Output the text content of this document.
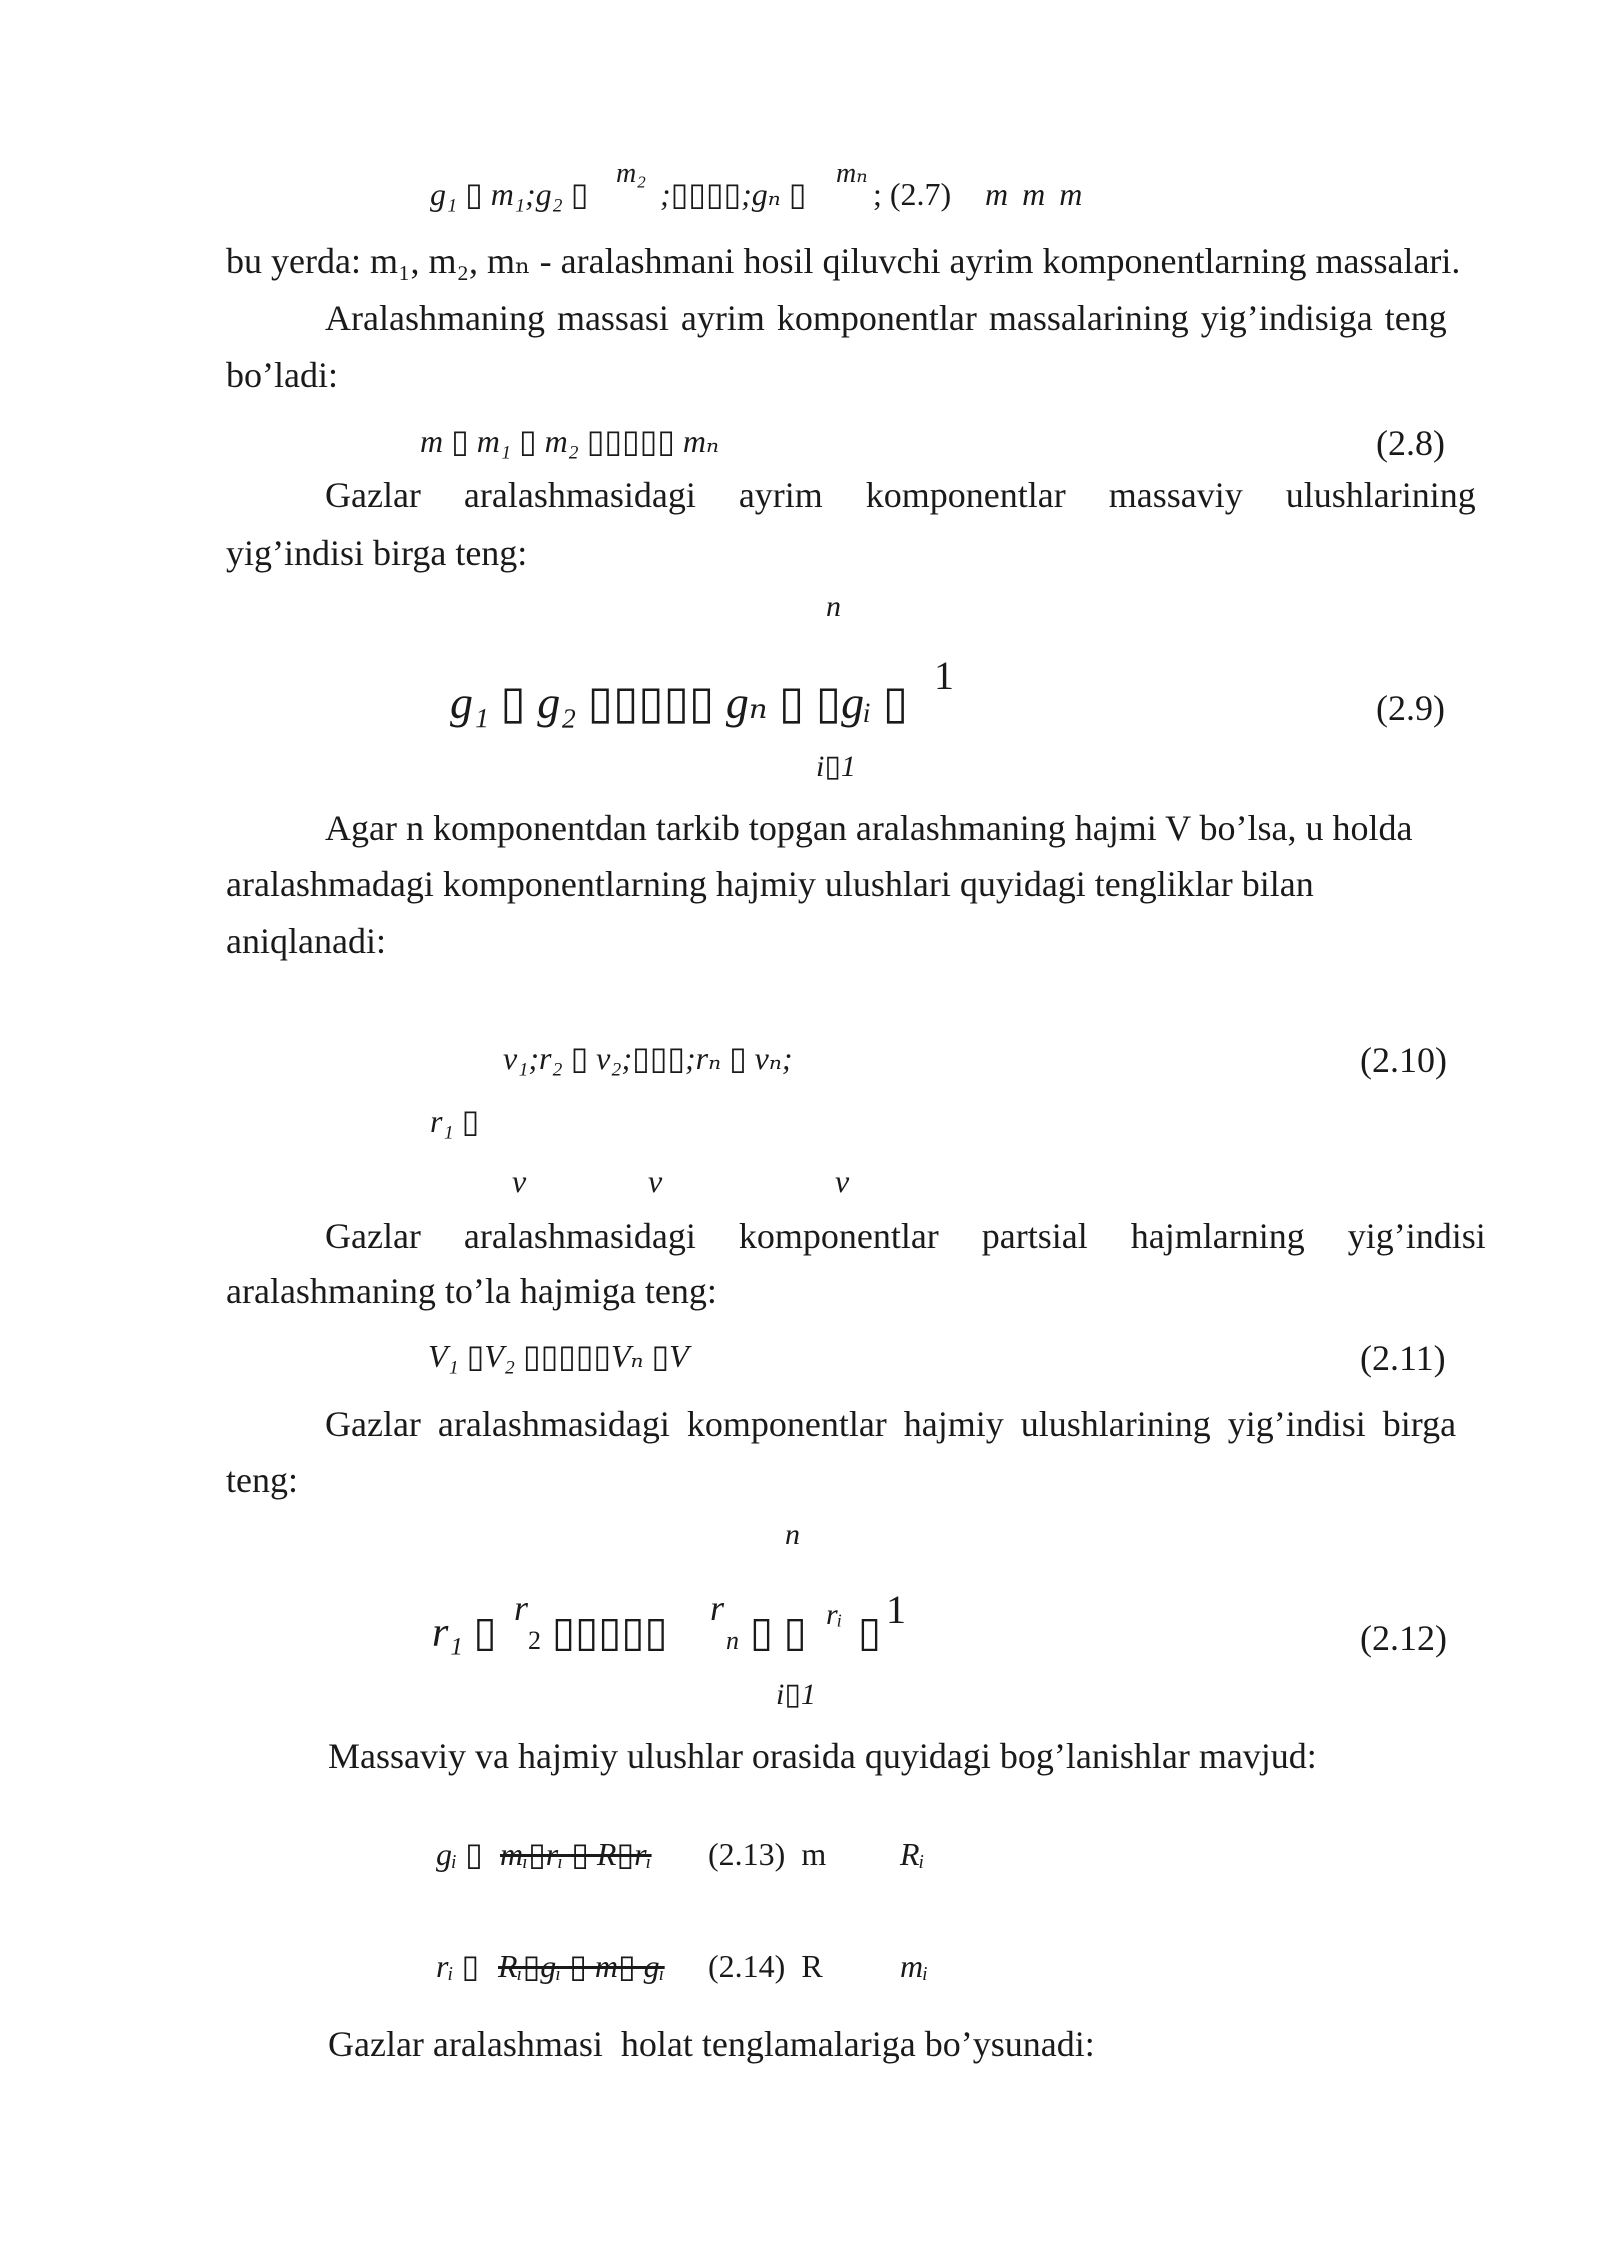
g₁ ▯ m₁;g₂ ▯
m₂
;▯▯▯▯;gₙ ▯
mₙ
; (2.7) m m m
bu yerda: m₁, m₂, mₙ - aralashmani hosil qiluvchi ayrim komponentlarning massalari.
Aralashmaning massasi ayrim komponentlar massalarining yig’indisiga teng
bo’ladi:
m ▯ m₁ ▯ m₂ ▯▯▯▯▯ mₙ	(2.8)
Gazlar aralashmasidagi ayrim komponentlar massaviy ulushlarining
yig’indisi birga teng:
n
g₁ ▯ g₂ ▯▯▯▯▯ gₙ ▯ ▯gᵢ ▯
1
i▯1
(2.9)
Agar n komponentdan tarkib topgan aralashmaning hajmi V bo’lsa, u holda
aralashmadagi komponentlarning hajmiy ulushlari quyidagi tengliklar bilan
aniqlanadi:
v₁;r₂ ▯ v₂;▯▯▯;rₙ ▯ vₙ;
r₁ ▯
v	v	v
(2.10)
Gazlar aralashmasidagi komponentlar partsial hajmlarning yig’indisi
aralashmaning to’la hajmiga teng:
V₁ ▯V₂ ▯▯▯▯▯Vₙ ▯V	(2.11)
Gazlar aralashmasidagi komponentlar hajmiy ulushlarining yig’indisi birga
teng:
n
r₁ ▯
r
2 ▯▯▯▯▯
r
n ▯ ▯ rᵢ ▯
1
i▯1
(2.12)
Massaviy va hajmiy ulushlar orasida quyidagi bog’lanishlar mavjud:
gᵢ ▯ mᵢ▯rᵢ ▯ R▯rᵢ (2.13)  m Rᵢ
rᵢ ▯ Rᵢ▯gᵢ ▯ m▯ gᵢ (2.14)  R mᵢ
Gazlar aralashmasi  holat tenglamalariga bo’ysunadi:
